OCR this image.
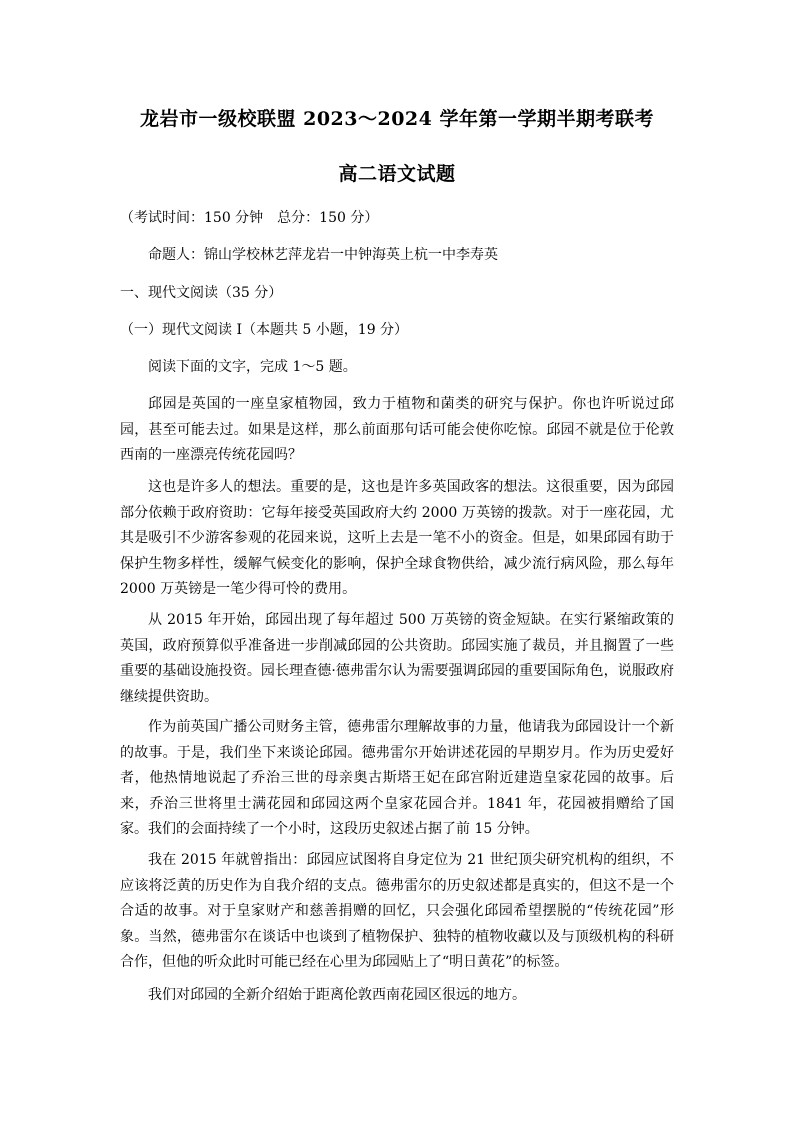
龙岩市一级校联盟 2023～2024 学年第一学期半期考联考
高二语文试题
（考试时间：150 分钟　总分：150 分）
命题人：锦山学校林艺萍龙岩一中钟海英上杭一中李寿英
一、现代文阅读（35 分）
（一）现代文阅读 I（本题共 5 小题，19 分）
阅读下面的文字，完成 1～5 题。
邱园是英国的一座皇家植物园，致力于植物和菌类的研究与保护。你也许听说过邱园，甚至可能去过。如果是这样，那么前面那句话可能会使你吃惊。邱园不就是位于伦敦西南的一座漂亮传统花园吗？
这也是许多人的想法。重要的是，这也是许多英国政客的想法。这很重要，因为邱园部分依赖于政府资助：它每年接受英国政府大约 2000 万英镑的拨款。对于一座花园，尤其是吸引不少游客参观的花园来说，这听上去是一笔不小的资金。但是，如果邱园有助于保护生物多样性，缓解气候变化的影响，保护全球食物供给，减少流行病风险，那么每年 2000 万英镑是一笔少得可怜的费用。
从 2015 年开始，邱园出现了每年超过 500 万英镑的资金短缺。在实行紧缩政策的英国，政府预算似乎准备进一步削减邱园的公共资助。邱园实施了裁员，并且搁置了一些重要的基础设施投资。园长理查德·德弗雷尔认为需要强调邱园的重要国际角色，说服政府继续提供资助。
作为前英国广播公司财务主管，德弗雷尔理解故事的力量，他请我为邱园设计一个新的故事。于是，我们坐下来谈论邱园。德弗雷尔开始讲述花园的早期岁月。作为历史爱好者，他热情地说起了乔治三世的母亲奥古斯塔王妃在邱宫附近建造皇家花园的故事。后来，乔治三世将里士满花园和邱园这两个皇家花园合并。1841 年，花园被捐赠给了国家。我们的会面持续了一个小时，这段历史叙述占据了前 15 分钟。
我在 2015 年就曾指出：邱园应试图将自身定位为 21 世纪顶尖研究机构的组织，不应该将泛黄的历史作为自我介绍的支点。德弗雷尔的历史叙述都是真实的，但这不是一个合适的故事。对于皇家财产和慈善捐赠的回忆，只会强化邱园希望摆脱的“传统花园”形象。当然，德弗雷尔在谈话中也谈到了植物保护、独特的植物收藏以及与顶级机构的科研合作，但他的听众此时可能已经在心里为邱园贴上了“明日黄花”的标签。
我们对邱园的全新介绍始于距离伦敦西南花园区很远的地方。
